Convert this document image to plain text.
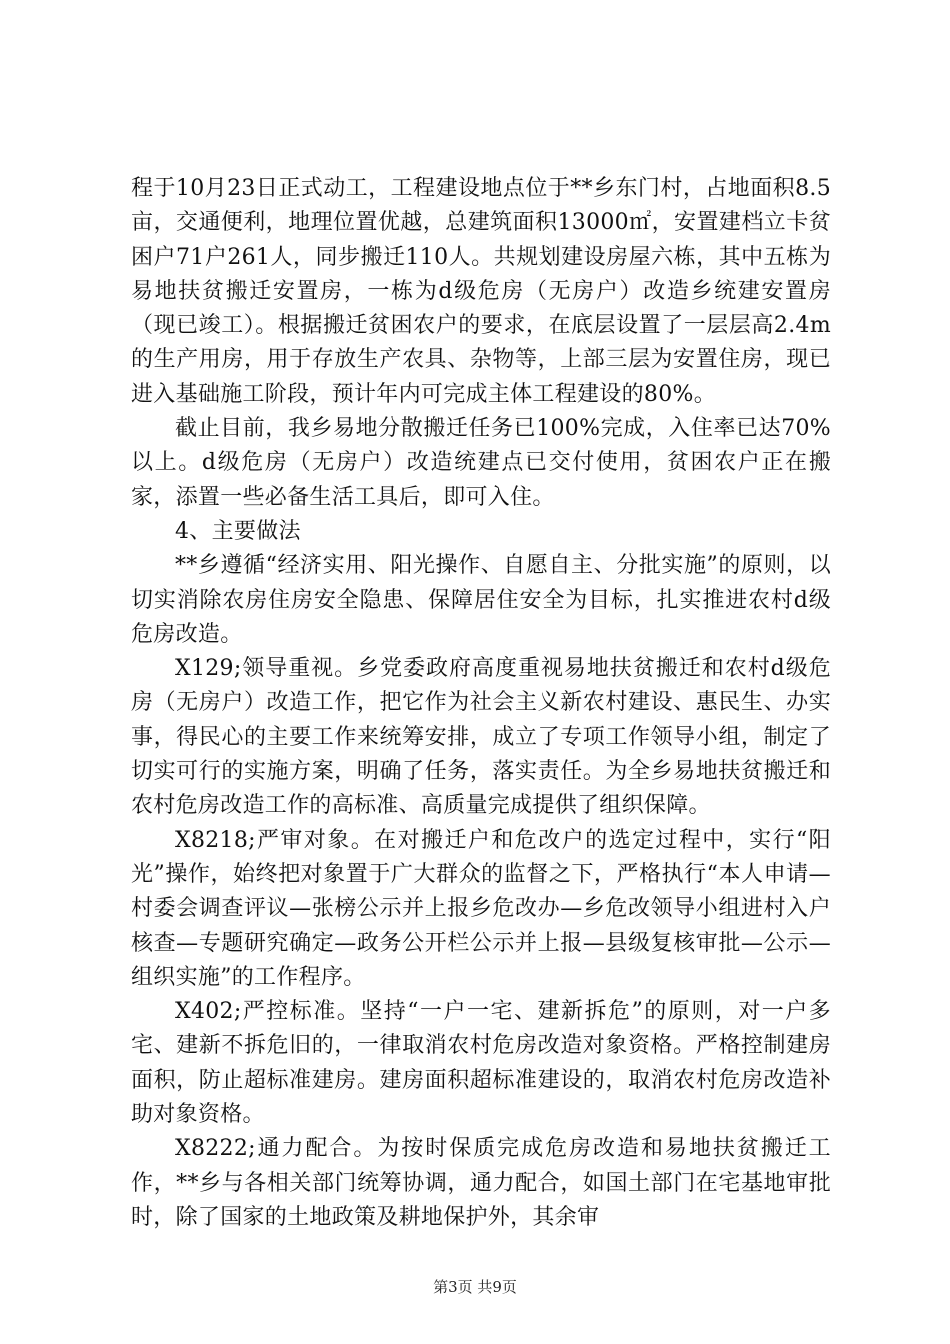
程于10月23日正式动工，工程建设地点位于**乡东门村，占地面积8.5亩，交通便利，地理位置优越，总建筑面积13000㎡，安置建档立卡贫困户71户261人，同步搬迁110人。共规划建设房屋六栋，其中五栋为易地扶贫搬迁安置房，一栋为d级危房（无房户）改造乡统建安置房（现已竣工）。根据搬迁贫困农户的要求，在底层设置了一层层高2.4m的生产用房，用于存放生产农具、杂物等，上部三层为安置住房，现已进入基础施工阶段，预计年内可完成主体工程建设的80%。

截止目前，我乡易地分散搬迁任务已100%完成，入住率已达70%以上。d级危房（无房户）改造统建点已交付使用，贫困农户正在搬家，添置一些必备生活工具后，即可入住。

4、主要做法

**乡遵循“经济实用、阳光操作、自愿自主、分批实施”的原则，以切实消除农房住房安全隐患、保障居住安全为目标，扎实推进农村d级危房改造。

X129;领导重视。乡党委政府高度重视易地扶贫搬迁和农村d级危房（无房户）改造工作，把它作为社会主义新农村建设、惠民生、办实事，得民心的主要工作来统筹安排，成立了专项工作领导小组，制定了切实可行的实施方案，明确了任务，落实责任。为全乡易地扶贫搬迁和农村危房改造工作的高标准、高质量完成提供了组织保障。

X8218;严审对象。在对搬迁户和危改户的选定过程中，实行“阳光”操作，始终把对象置于广大群众的监督之下，严格执行“本人申请—村委会调查评议—张榜公示并上报乡危改办—乡危改领导小组进村入户核查—专题研究确定—政务公开栏公示并上报—县级复核审批—公示—组织实施”的工作程序。

X402;严控标准。坚持“一户一宅、建新拆危”的原则，对一户多宅、建新不拆危旧的，一律取消农村危房改造对象资格。严格控制建房面积，防止超标准建房。建房面积超标准建设的，取消农村危房改造补助对象资格。

X8222;通力配合。为按时保质完成危房改造和易地扶贫搬迁工作，**乡与各相关部门统筹协调，通力配合，如国土部门在宅基地审批时，除了国家的土地政策及耕地保护外，其余审

第3页 共9页
